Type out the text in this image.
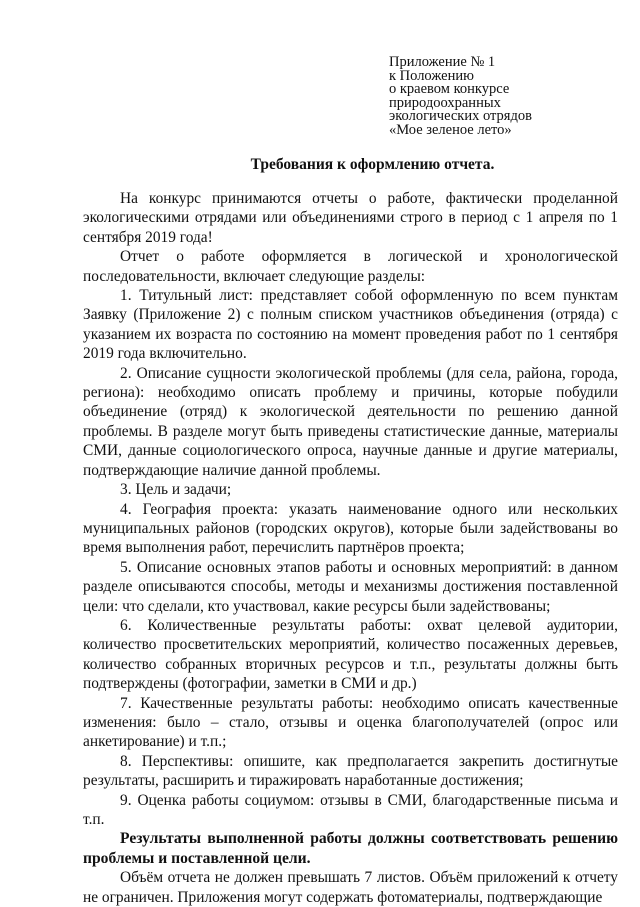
Приложение № 1
к Положению
о краевом конкурсе
природоохранных
экологических отрядов
«Мое зеленое лето»
Требования к оформлению отчета.

На конкурс принимаются отчеты о работе, фактически проделанной экологическими отрядами или объединениями строго в период с 1 апреля по 1 сентября 2019 года!

Отчет о работе оформляется в логической и хронологической последовательности, включает следующие разделы:

1. Титульный лист: представляет собой оформленную по всем пунктам Заявку (Приложение 2) с полным списком участников объединения (отряда) с указанием их возраста по состоянию на момент проведения работ по 1 сентября 2019 года включительно.

2. Описание сущности экологической проблемы (для села, района, города, региона): необходимо описать проблему и причины, которые побудили объединение (отряд) к экологической деятельности по решению данной проблемы. В разделе могут быть приведены статистические данные, материалы СМИ, данные социологического опроса, научные данные и другие материалы, подтверждающие наличие данной проблемы.

3. Цель и задачи;

4. География проекта: указать наименование одного или нескольких муниципальных районов (городских округов), которые были задействованы во время выполнения работ, перечислить партнёров проекта;

5. Описание основных этапов работы и основных мероприятий: в данном разделе описываются способы, методы и механизмы достижения поставленной цели: что сделали, кто участвовал, какие ресурсы были задействованы;

6. Количественные результаты работы: охват целевой аудитории, количество просветительских мероприятий, количество посаженных деревьев, количество собранных вторичных ресурсов и т.п., результаты должны быть подтверждены (фотографии, заметки в СМИ и др.)

7. Качественные результаты работы: необходимо описать качественные изменения: было – стало, отзывы и оценка благополучателей (опрос или анкетирование) и т.п.;

8. Перспективы: опишите, как предполагается закрепить достигнутые результаты, расширить и тиражировать наработанные достижения;

9. Оценка работы социумом: отзывы в СМИ, благодарственные письма и т.п.

Результаты выполненной работы должны соответствовать решению проблемы и поставленной цели.

Объём отчета не должен превышать 7 листов. Объём приложений к отчету не ограничен. Приложения могут содержать фотоматериалы, подтверждающие
